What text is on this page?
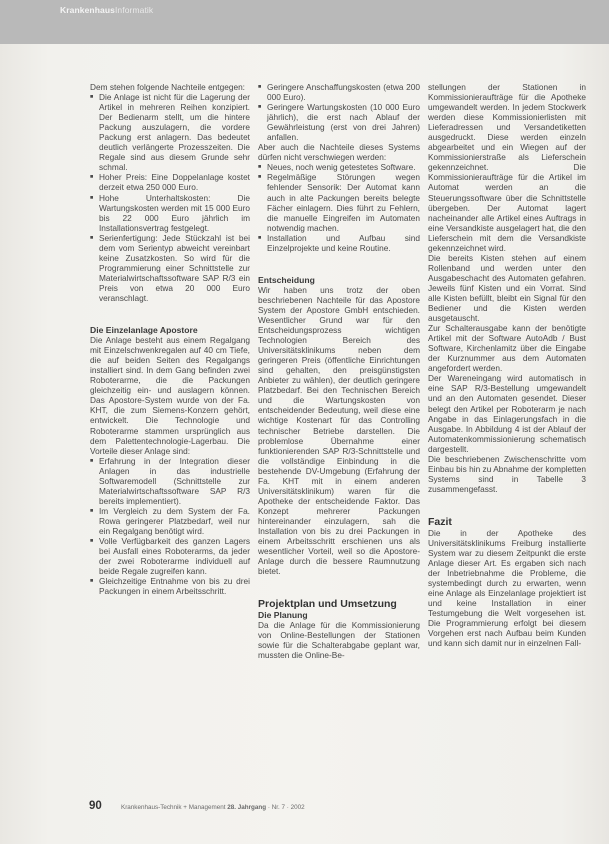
KrankenhausInformatik

Dem stehen folgende Nachteile entgegen:

■ Die Anlage ist nicht für die Lagerung der Artikel in mehreren Reihen konzipiert. Der Bedienarm stellt, um die hintere Packung auszulagern, die vordere Packung erst anlagern. Das bedeutet deutlich verlängerte Prozesszeiten. Die Regale sind aus diesem Grunde sehr schmal.
■ Hoher Preis: Eine Doppelanlage kostet derzeit etwa 250 000 Euro.
■ Hohe Unterhaltskosten: Die Wartungskosten werden mit 15 000 Euro bis 22 000 Euro jährlich im Installationsvertrag festgelegt.
■ Serienfertigung: Jede Stückzahl ist bei dem vom Serientyp abweicht vereinbart keine Zusatzkosten. So wird für die Programmierung einer Schnittstelle zur Materialwirtschaftssoftware SAP R/3 ein Preis von etwa 20 000 Euro veranschlagt.
Die Einzelanlage Apostore

Die Anlage besteht aus einem Regalgang mit Einzelschwenkregalen auf 40 cm Tiefe, die auf beiden Seiten des Regalgangs installiert sind. In dem Gang befinden zwei Roboterarme, die die Packungen gleichzeitig ein- und auslagern können. Das Apostore-System wurde von der Fa. KHT, die zum Siemens-Konzern gehört, entwickelt. Die Technologie und Roboterarme stammen ursprünglich aus dem Palettentechnologie-Lagerbau. Die Vorteile dieser Anlage sind:

■ Erfahrung in der Integration dieser Anlagen in das industrielle Softwaremodell (Schnittstelle zur Materialwirtschaftssoftware SAP R/3 bereits implementiert).
■ Im Vergleich zu dem System der Fa. Rowa geringerer Platzbedarf, weil nur ein Regalgang benötigt wird.
■ Volle Verfügbarkeit des ganzen Lagers bei Ausfall eines Roboterarms, da jeder der zwei Roboterarme individuell auf beide Regale zugreifen kann.
■ Gleichzeitige Entnahme von bis zu drei Packungen in einem Arbeitsschritt.
■ Geringere Anschaffungskosten (etwa 200 000 Euro).
■ Geringere Wartungskosten (10 000 Euro jährlich), die erst nach Ablauf der Gewährleistung (erst von drei Jahren) anfallen.

Aber auch die Nachteile dieses Systems dürfen nicht verschwiegen werden:

■ Neues, noch wenig getestetes Software.
■ Regelmäßige Störungen wegen fehlender Sensorik: Der Automat kann auch in alte Packungen bereits belegte Fächer einlagern. Dies führt zu Fehlern, die manuelle Eingreifen im Automaten notwendig machen.
■ Installation und Aufbau sind Einzelprojekte und keine Routine.
Entscheidung

Wir haben uns trotz der oben beschriebenen Nachteile für das Apostore System der Apostore GmbH entschieden. Wesentlicher Grund war für den Entscheidungsprozess wichtigen Technologien Bereich des Universitätsklinikums neben dem geringeren Preis (öffentliche Einrichtungen sind gehalten, den preisgünstigsten Anbieter zu wählen), der deutlich geringere Platzbedarf. Bei den Technischen Bereich und die Wartungskosten von entscheidender Bedeutung, weil diese eine wichtige Kostenart für das Controlling technischer Betriebe darstellen. Die problemlose Übernahme einer funktionierenden SAP R/3-Schnittstelle und die vollständige Einbindung in die bestehende DV-Umgebung (Erfahrung der Fa. KHT mit in einem anderen Universitätsklinikum) waren für die Apotheke der entscheidende Faktor. Das Konzept mehrerer Packungen hintereinander einzulagern, sah die Installation von bis zu drei Packungen in einem Arbeitsschritt erschienen uns als wesentlicher Vorteil, weil so die Apostore-Anlage durch die bessere Raumnutzung bietet.

Projektplan und Umsetzung
Die Planung

Da die Anlage für die Kommissionierung von Online-Bestellungen der Stationen sowie für die Schalterabgabe geplant war, mussten die Online-Be-

stellungen der Stationen in Kommissionieraufträge für die Apotheke umgewandelt werden. In jedem Stockwerk werden diese Kommissionierlisten mit Lieferadressen und Versandetiketten ausgedruckt. Diese werden einzeln abgearbeitet und ein Wiegen auf der Kommissionierstraße als Lieferschein gekennzeichnet. Die Kommissionieraufträge für die Artikel im Automat werden an die Steuerungssoftware über die Schnittstelle übergeben. Der Automat lagert nacheinander alle Artikel eines Auftrags in eine Versandkiste ausgelagert hat, die den Lieferschein mit dem die Versandkiste gekennzeichnet wird.

Die bereits Kisten stehen auf einem Rollenband und werden unter den Ausgabeschacht des Automaten gefahren. Jeweils fünf Kisten und ein Vorrat. Sind alle Kisten befüllt, bleibt ein Signal für den Bediener und die Kisten werden ausgetauscht.

Zur Schalterausgabe kann der benötigte Artikel mit der Software AutoAdb / Bust Software, Kirchenlamitz über die Eingabe der Kurznummer aus dem Automaten angefordert werden.

Der Wareneingang wird automatisch in eine SAP R/3-Bestellung umgewandelt und an den Automaten gesendet. Dieser belegt den Artikel per Roboterarm je nach Angabe in das Einlagerungsfach in die Ausgabe. In Abbildung 4 ist der Ablauf der Automatenkommissionierung schematisch dargestellt.

Die beschriebenen Zwischenschritte vom Einbau bis hin zu Abnahme der kompletten Systems sind in Tabelle 3 zusammengefasst.

Fazit

Die in der Apotheke des Universitätsklinikums Freiburg installierte System war zu diesem Zeitpunkt die erste Anlage dieser Art. Es ergaben sich nach der Inbetriebnahme die Probleme, die systembedingt durch zu erwarten, wenn eine Anlage als Einzelanlage projektiert ist und keine Installation in einer Testumgebung die Welt vorgesehen ist. Die Programmierung erfolgt bei diesem Vorgehen erst nach Aufbau beim Kunden und kann sich damit nur in einzelnen Fall-

90	Krankenhaus-Technik + Management 28. Jahrgang · Nr. 7 · 2002
